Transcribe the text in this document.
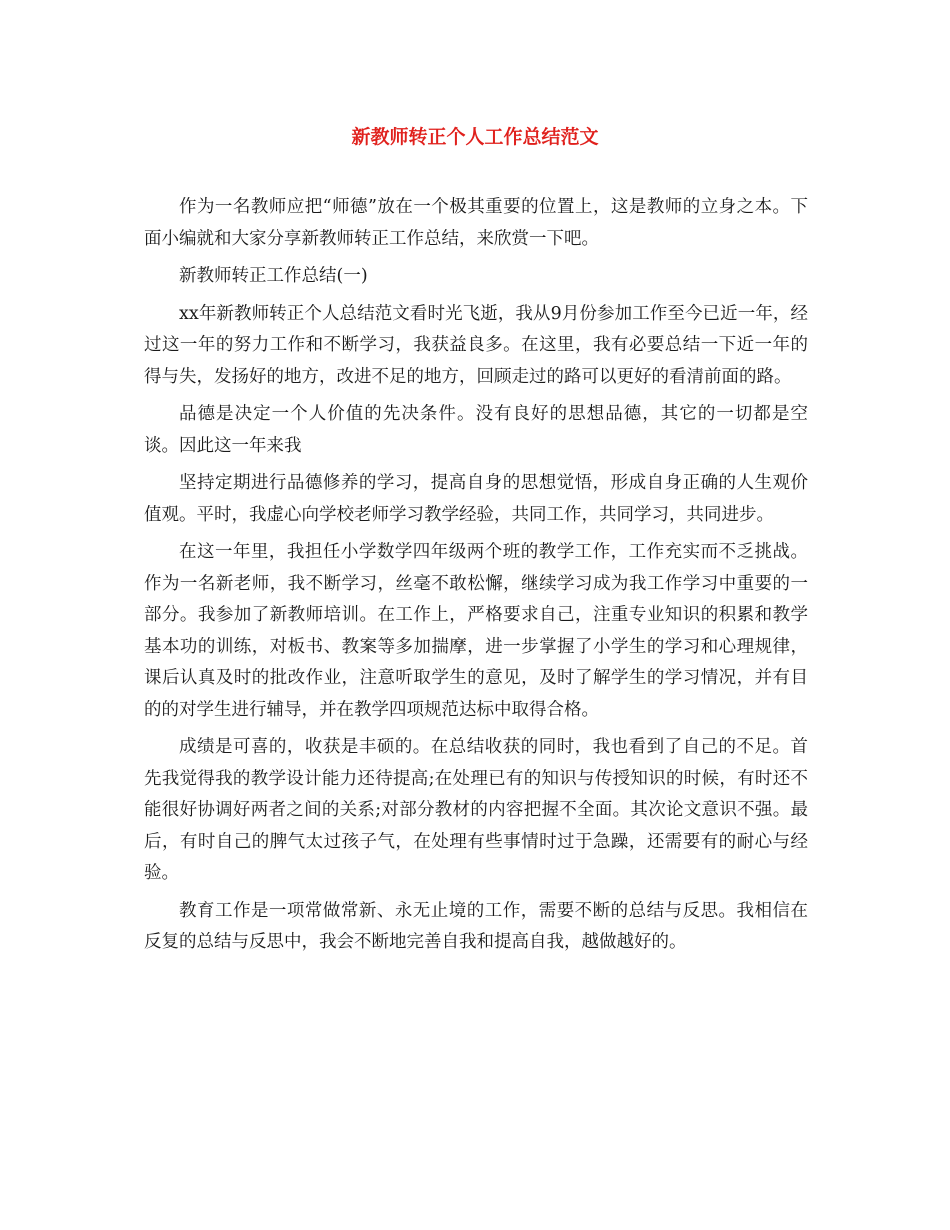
新教师转正个人工作总结范文

作为一名教师应把“师德”放在一个极其重要的位置上，这是教师的立身之本。下面小编就和大家分享新教师转正工作总结，来欣赏一下吧。

新教师转正工作总结(一)

xx年新教师转正个人总结范文看时光飞逝，我从9月份参加工作至今已近一年，经过这一年的努力工作和不断学习，我获益良多。在这里，我有必要总结一下近一年的得与失，发扬好的地方，改进不足的地方，回顾走过的路可以更好的看清前面的路。

品德是决定一个人价值的先决条件。没有良好的思想品德，其它的一切都是空谈。因此这一年来我

坚持定期进行品德修养的学习，提高自身的思想觉悟，形成自身正确的人生观价值观。平时，我虚心向学校老师学习教学经验，共同工作，共同学习，共同进步。

在这一年里，我担任小学数学四年级两个班的教学工作，工作充实而不乏挑战。作为一名新老师，我不断学习，丝毫不敢松懈，继续学习成为我工作学习中重要的一部分。我参加了新教师培训。在工作上，严格要求自己，注重专业知识的积累和教学基本功的训练，对板书、教案等多加揣摩，进一步掌握了小学生的学习和心理规律，课后认真及时的批改作业，注意听取学生的意见，及时了解学生的学习情况，并有目的的对学生进行辅导，并在教学四项规范达标中取得合格。

成绩是可喜的，收获是丰硕的。在总结收获的同时，我也看到了自己的不足。首先我觉得我的教学设计能力还待提高;在处理已有的知识与传授知识的时候，有时还不能很好协调好两者之间的关系;对部分教材的内容把握不全面。其次论文意识不强。最后，有时自己的脾气太过孩子气，在处理有些事情时过于急躁，还需要有的耐心与经验。

教育工作是一项常做常新、永无止境的工作，需要不断的总结与反思。我相信在反复的总结与反思中，我会不断地完善自我和提高自我，越做越好的。
